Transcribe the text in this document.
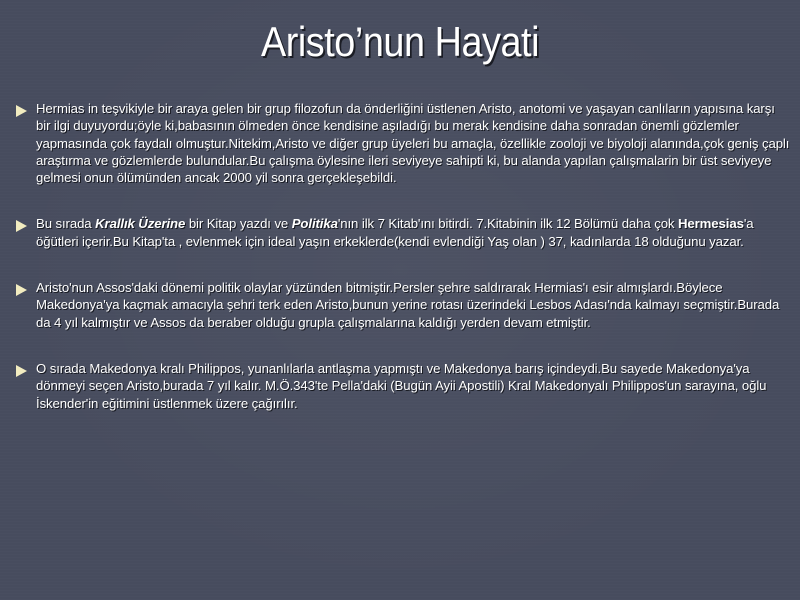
Aristo’nun Hayati
Hermias in teşvikiyle bir araya gelen bir grup filozofun da önderliğini üstlenen Aristo, anotomi ve yaşayan canlıların yapısına karşı bir ilgi duyuyordu;öyle ki,babasının ölmeden önce kendisine aşıladığı bu merak kendisine daha sonradan önemli gözlemler yapmasında çok faydalı olmuştur.Nitekim,Aristo ve diğer grup üyeleri bu amaçla, özellikle zooloji ve biyoloji alanında,çok geniş çaplı araştırma ve gözlemlerde bulundular.Bu çalışma öylesine ileri seviyeye sahipti ki, bu alanda yapılan çalışmalarin bir üst seviyeye gelmesi onun ölümünden ancak 2000 yil sonra gerçekleşebildi.
Bu sırada Krallık Üzerine bir Kitap yazdı ve Politika'nın ilk 7 Kitab'ını bitirdi. 7.Kitabinin ilk 12 Bölümü daha çok Hermesias'a öğütleri içerir.Bu Kitap'ta , evlenmek için ideal yaşın erkeklerde(kendi evlendiği Yaş olan ) 37, kadınlarda 18 olduğunu yazar.
Aristo'nun Assos'daki dönemi politik olaylar yüzünden bitmiştir.Persler şehre saldırarak Hermias'ı esir almışlardı.Böylece Makedonya'ya kaçmak amacıyla şehri terk eden Aristo,bunun yerine rotası üzerindeki Lesbos Adası'nda kalmayı seçmiştir.Burada da 4 yıl kalmıştır ve Assos da beraber olduğu grupla çalışmalarına kaldığı yerden devam etmiştir.
O sırada Makedonya kralı Philippos, yunanlılarla antlaşma yapmıştı ve Makedonya barış içindeydi.Bu sayede Makedonya'ya dönmeyi seçen Aristo,burada 7 yıl kalır. M.Ö.343'te Pella'daki (Bugün Ayii Apostili) Kral Makedonyalı Philippos'un sarayına, oğlu İskender'in eğitimini üstlenmek üzere çağırılır.
